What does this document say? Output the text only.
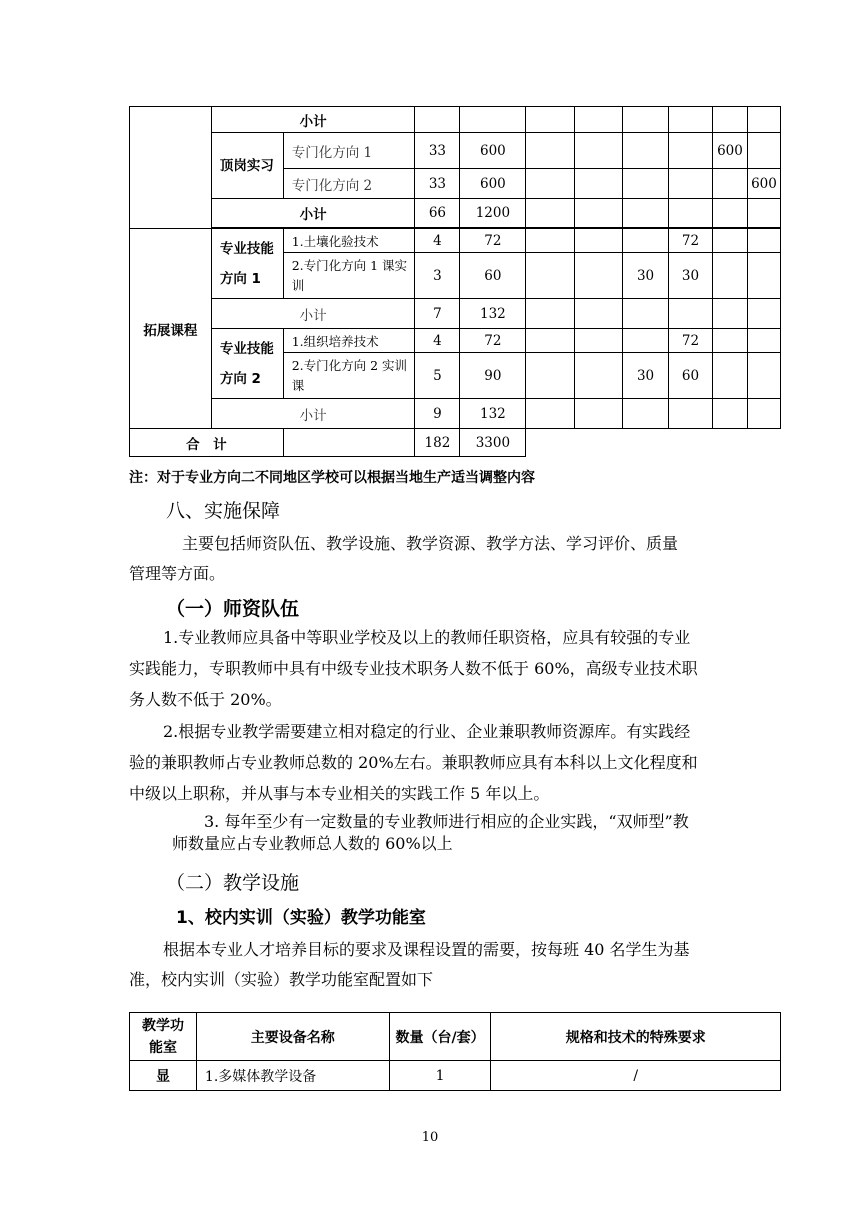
	小计									
	顶岗实习	专门化方向 1	33	600					600	
		专门化方向 2	33	600						600
	小计		66	1200						

拓展课程	专业技能方向 1	1.土壤化验技术	4	72				72		
		2.专门化方向 1 课实训	3	60			30	30		
	小计		7	132						
	专业技能方向 2	1.组织培养技术	4	72				72		
		2.专门化方向 2 实训课	5	90			30	60		
	小计		9	132						
合　计			182	3300						
注：对于专业方向二不同地区学校可以根据当地生产适当调整内容
八、实施保障
主要包括师资队伍、教学设施、教学资源、教学方法、学习评价、质量
管理等方面。
（一）师资队伍
1.专业教师应具备中等职业学校及以上的教师任职资格，应具有较强的专业
实践能力，专职教师中具有中级专业技术职务人数不低于 60%，高级专业技术职
务人数不低于 20%。
2.根据专业教学需要建立相对稳定的行业、企业兼职教师资源库。有实践经
验的兼职教师占专业教师总数的 20%左右。兼职教师应具有本科以上文化程度和
中级以上职称，并从事与本专业相关的实践工作 5 年以上。
3. 每年至少有一定数量的专业教师进行相应的企业实践，“双师型”教
师数量应占专业教师总人数的 60%以上
（二）教学设施
1、校内实训（实验）教学功能室
根据本专业人才培养目标的要求及课程设置的需要，按每班 40 名学生为基
准，校内实训（实验）教学功能室配置如下
教学功能室	主要设备名称	数量（台/套）	规格和技术的特殊要求
显	1.多媒体教学设备	1	/
10
